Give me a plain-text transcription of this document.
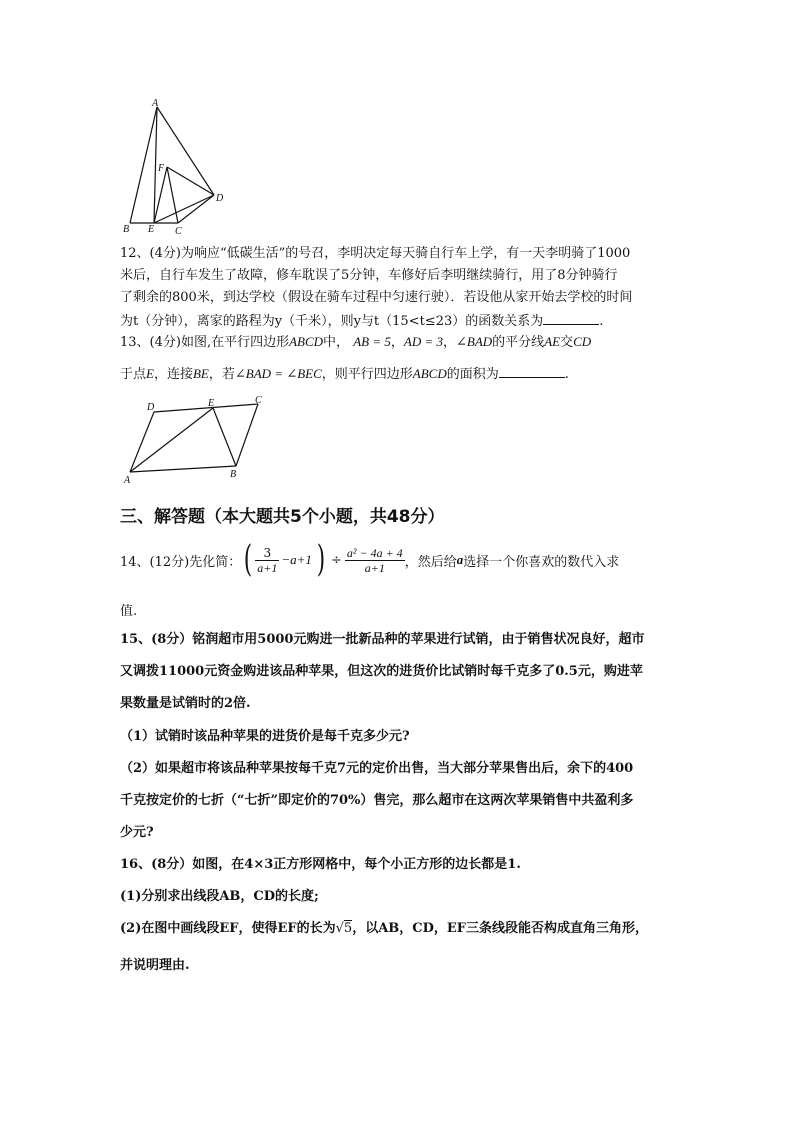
A
F
D
B E C
12、(4分)为响应“低碳生活”的号召，李明决定每天骑自行车上学，有一天李明骑了1000
米后，自行车发生了故障，修车耽误了5分钟，车修好后李明继续骑行，用了8分钟骑行
了剩余的800米，到达学校（假设在骑车过程中匀速行驶）．若设他从家开始去学校的时间
为t（分钟），离家的路程为y（千米），则y与t（15<t≤23）的函数关系为	.
13、(4分)如图,在平行四边形ABCD中， AB = 5，AD = 3，∠BAD的平分线AE交CD
于点E，连接BE，若∠BAD = ∠BEC，则平行四边形ABCD的面积为	.
D	E	C
A
B
三、解答题（本大题共5个小题，共48分）
14、(12分)先化简： ( $\frac{3}{a+1} -a+1$ ) ÷ $\frac{\text{a² − 4a + 4}}{a+1}$ ，然后给 a 选择一个你喜欢的数代入求
值.
15、(8分）铭润超市用5000元购进一批新品种的苹果进行试销，由于销售状况良好，超市
又调拨11000元资金购进该品种苹果，但这次的进货价比试销时每千克多了0.5元，购进苹
果数量是试销时的2倍.
（1）试销时该品种苹果的进货价是每千克多少元?
（2）如果超市将该品种苹果按每千克7元的定价出售，当大部分苹果售出后，余下的400
千克按定价的七折（“七折”即定价的70%）售完，那么超市在这两次苹果销售中共盈利多
少元?
16、(8分）如图，在4×3正方形网格中，每个小正方形的边长都是1.
(1)分别求出线段AB，CD的长度;
(2)在图中画线段EF，使得EF的长为√5，以AB，CD，EF三条线段能否构成直角三角形，
并说明理由.
